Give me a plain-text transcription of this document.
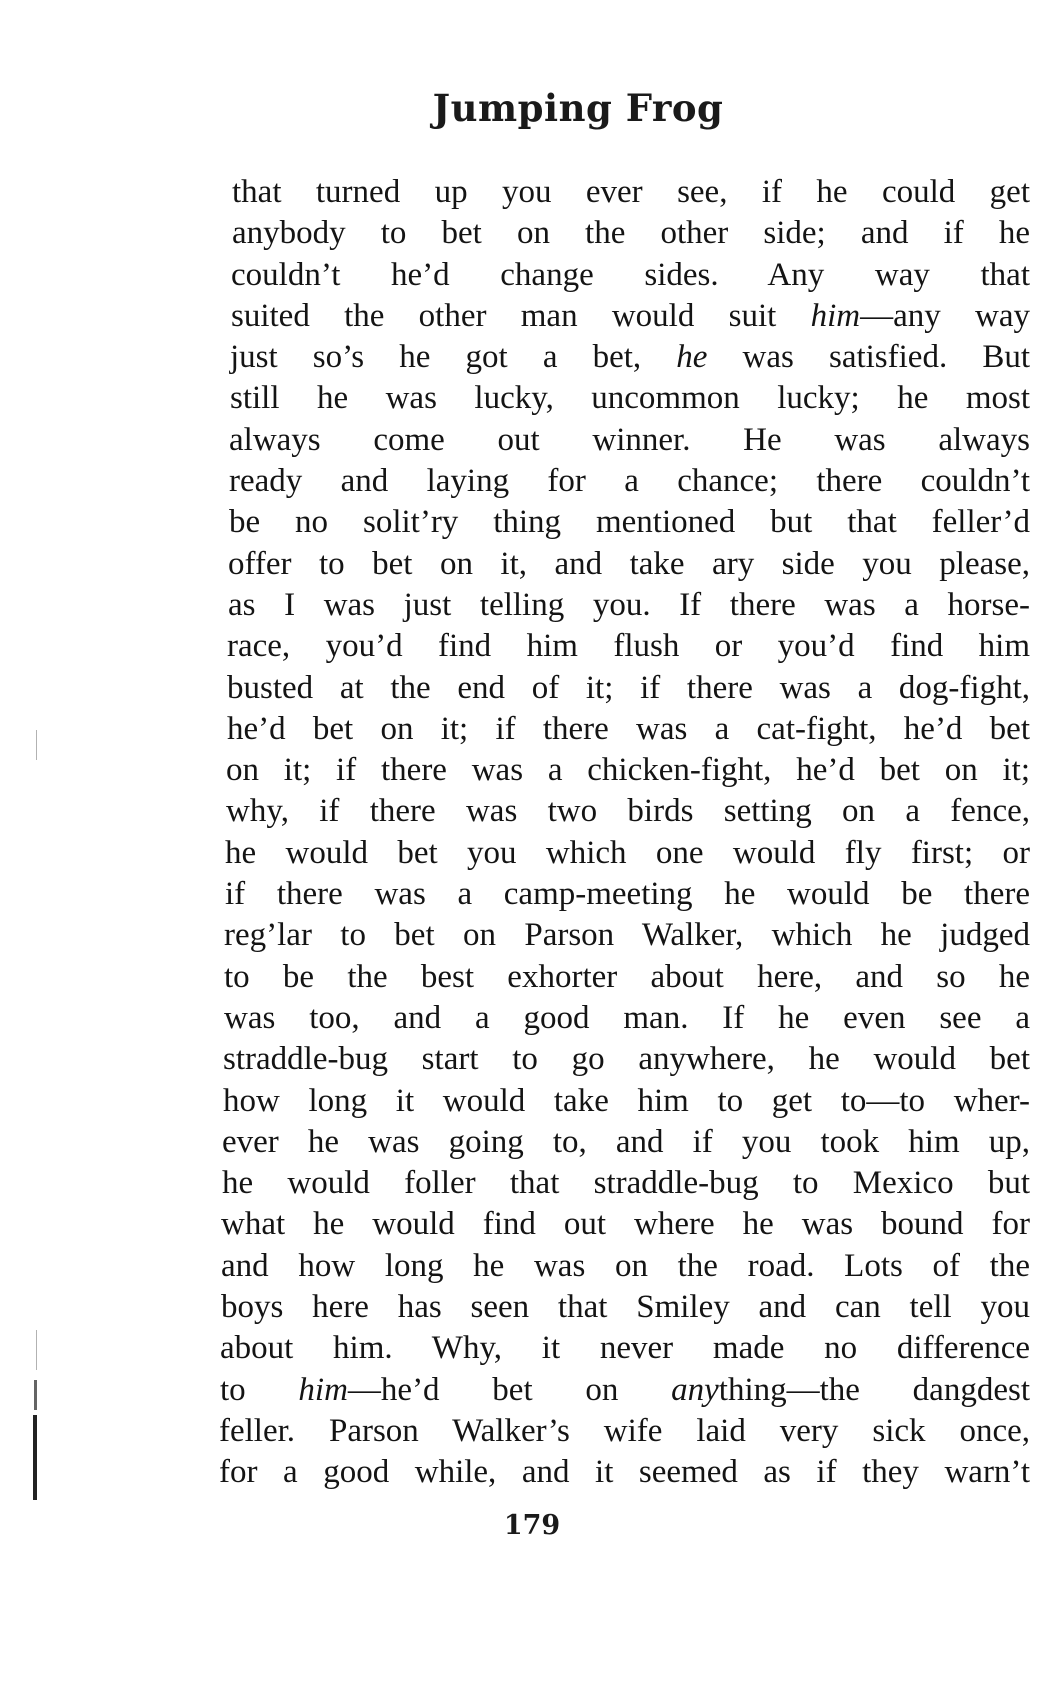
Jumping Frog
that turned up you ever see, if he could get
anybody to bet on the other side; and if he
couldn’t he’d change sides. Any way that
suited the other man would suit him—any way
just so’s he got a bet, he was satisfied. But
still he was lucky, uncommon lucky; he most
always come out winner. He was always
ready and laying for a chance; there couldn’t
be no solit’ry thing mentioned but that feller’d
offer to bet on it, and take ary side you please,
as I was just telling you. If there was a horse-
race, you’d find him flush or you’d find him
busted at the end of it; if there was a dog-fight,
he’d bet on it; if there was a cat-fight, he’d bet
on it; if there was a chicken-fight, he’d bet on it;
why, if there was two birds setting on a fence,
he would bet you which one would fly first; or
if there was a camp-meeting he would be there
reg’lar to bet on Parson Walker, which he judged
to be the best exhorter about here, and so he
was too, and a good man. If he even see a
straddle-bug start to go anywhere, he would bet
how long it would take him to get to—to wher-
ever he was going to, and if you took him up,
he would foller that straddle-bug to Mexico but
what he would find out where he was bound for
and how long he was on the road. Lots of the
boys here has seen that Smiley and can tell you
about him. Why, it never made no difference
to him—he’d bet on anything—the dangdest
feller. Parson Walker’s wife laid very sick once,
for a good while, and it seemed as if they warn’t
179
